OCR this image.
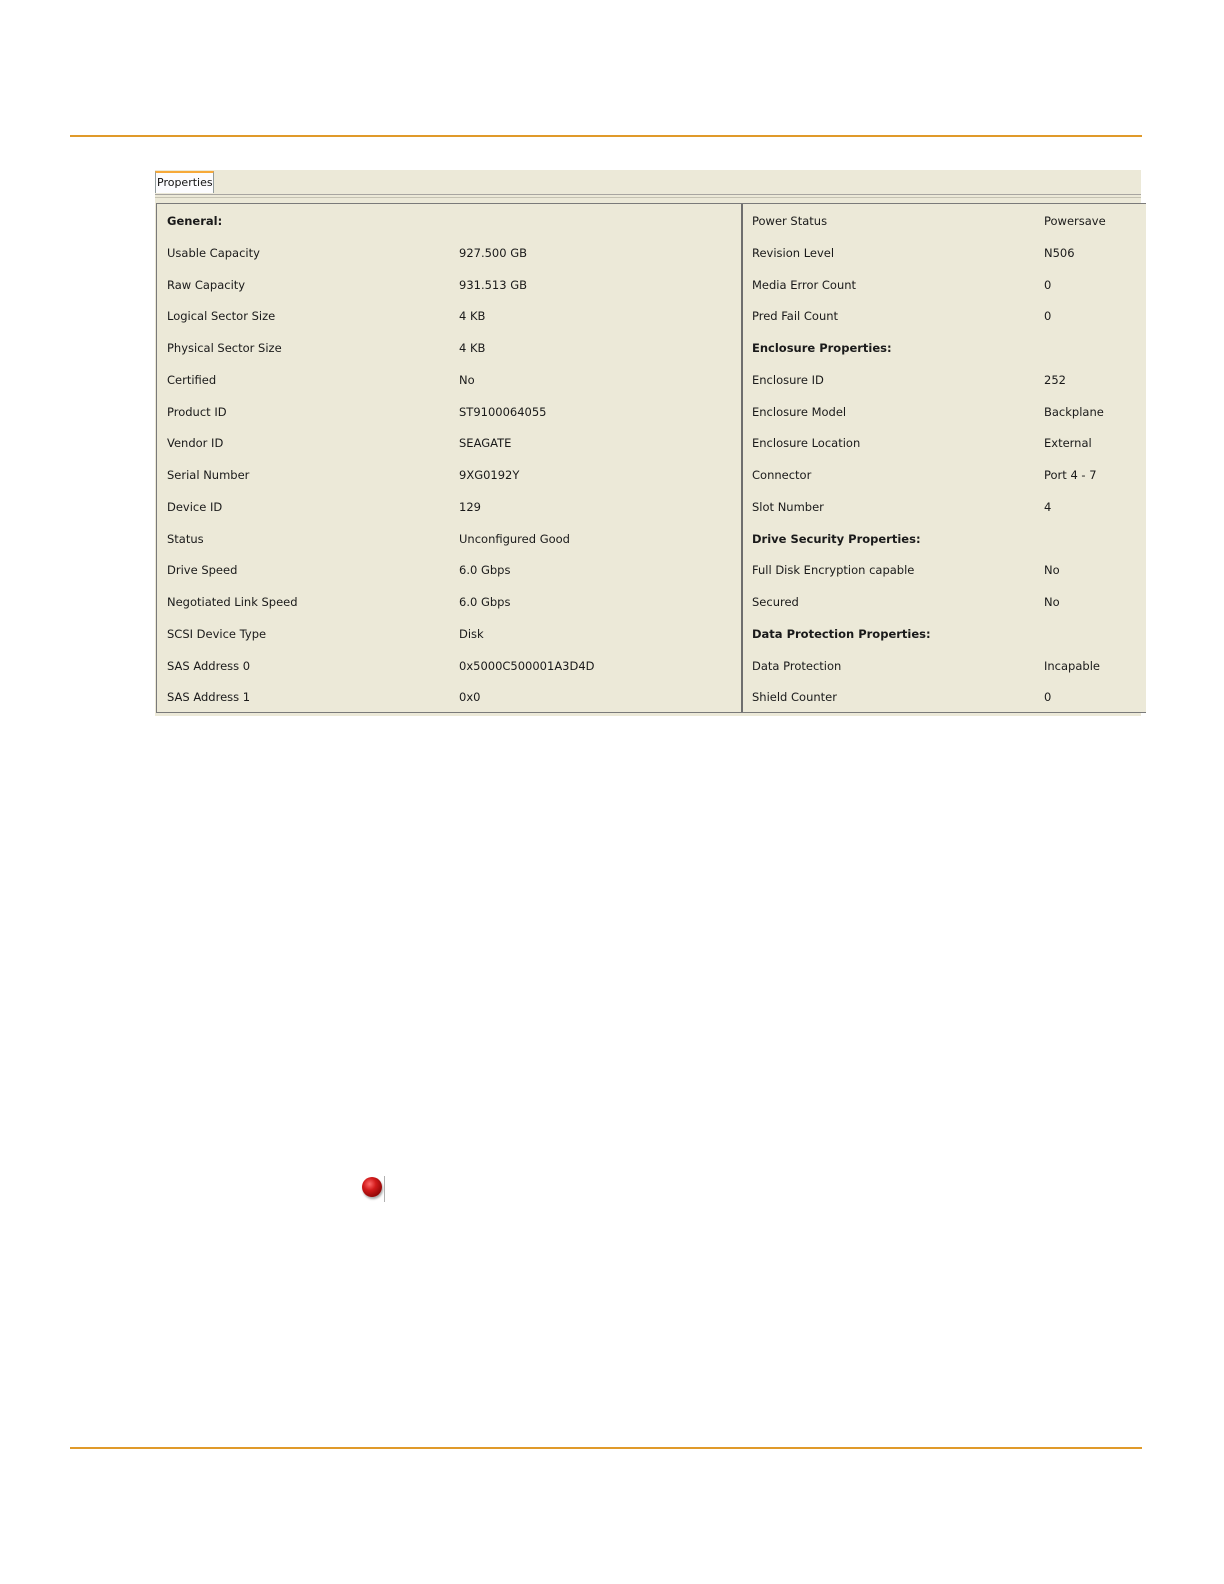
Properties
General:
Usable Capacity	927.500 GB
Raw Capacity	931.513 GB
Logical Sector Size	4 KB
Physical Sector Size	4 KB
Certified	No
Product ID	ST9100064055
Vendor ID	SEAGATE
Serial Number	9XG0192Y
Device ID	129
Status	Unconfigured Good
Drive Speed	6.0 Gbps
Negotiated Link Speed	6.0 Gbps
SCSI Device Type	Disk
SAS Address 0	0x5000C500001A3D4D
SAS Address 1	0x0
Power Status	Powersave
Revision Level	N506
Media Error Count	0
Pred Fail Count	0
Enclosure Properties:
Enclosure ID	252
Enclosure Model	Backplane
Enclosure Location	External
Connector	Port 4 - 7
Slot Number	4
Drive Security Properties:
Full Disk Encryption capable	No
Secured	No
Data Protection Properties:
Data Protection	Incapable
Shield Counter	0
